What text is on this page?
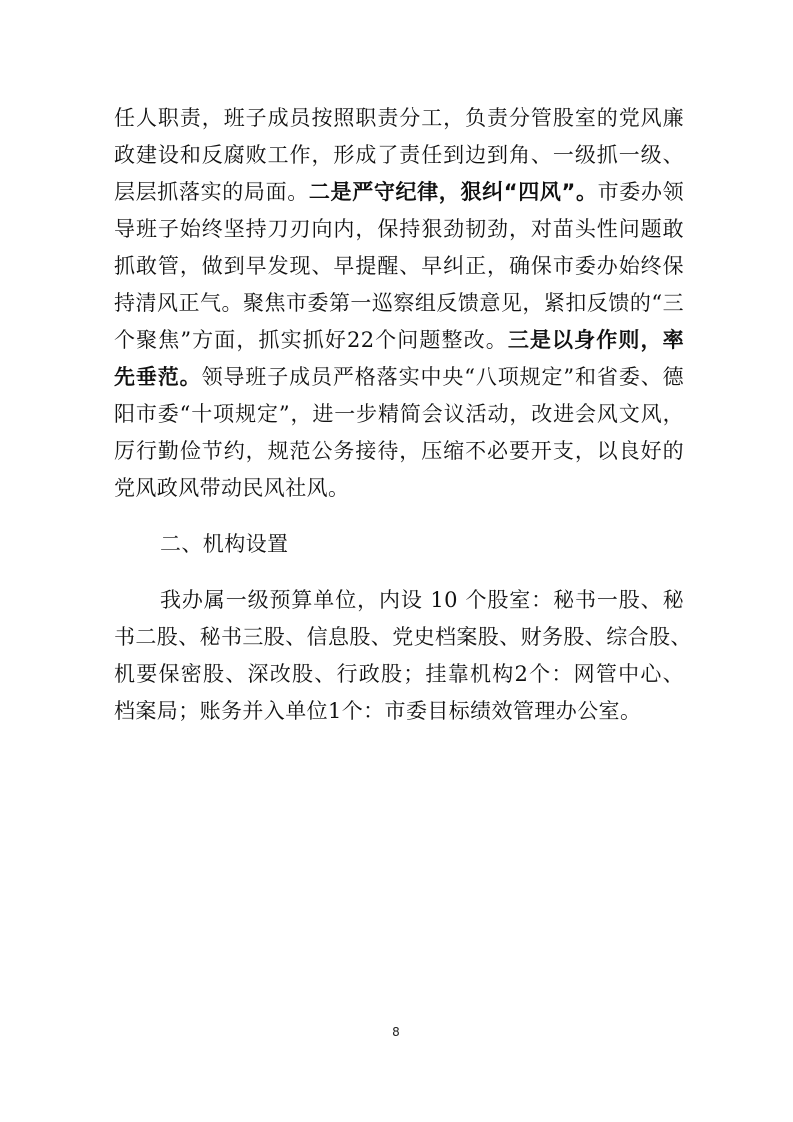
任人职责，班子成员按照职责分工，负责分管股室的党风廉
政建设和反腐败工作，形成了责任到边到角、一级抓一级、
层层抓落实的局面。二是严守纪律，狠纠“四风”。市委办领
导班子始终坚持刀刃向内，保持狠劲韧劲，对苗头性问题敢
抓敢管，做到早发现、早提醒、早纠正，确保市委办始终保
持清风正气。聚焦市委第一巡察组反馈意见，紧扣反馈的“三
个聚焦”方面，抓实抓好22个问题整改。三是以身作则，率
先垂范。领导班子成员严格落实中央“八项规定”和省委、德
阳市委“十项规定”，进一步精简会议活动，改进会风文风，
厉行勤俭节约，规范公务接待，压缩不必要开支，以良好的
党风政风带动民风社风。
二、机构设置
我办属一级预算单位，内设 10 个股室：秘书一股、秘
书二股、秘书三股、信息股、党史档案股、财务股、综合股、
机要保密股、深改股、行政股；挂靠机构2个：网管中心、
档案局；账务并入单位1个：市委目标绩效管理办公室。
8
